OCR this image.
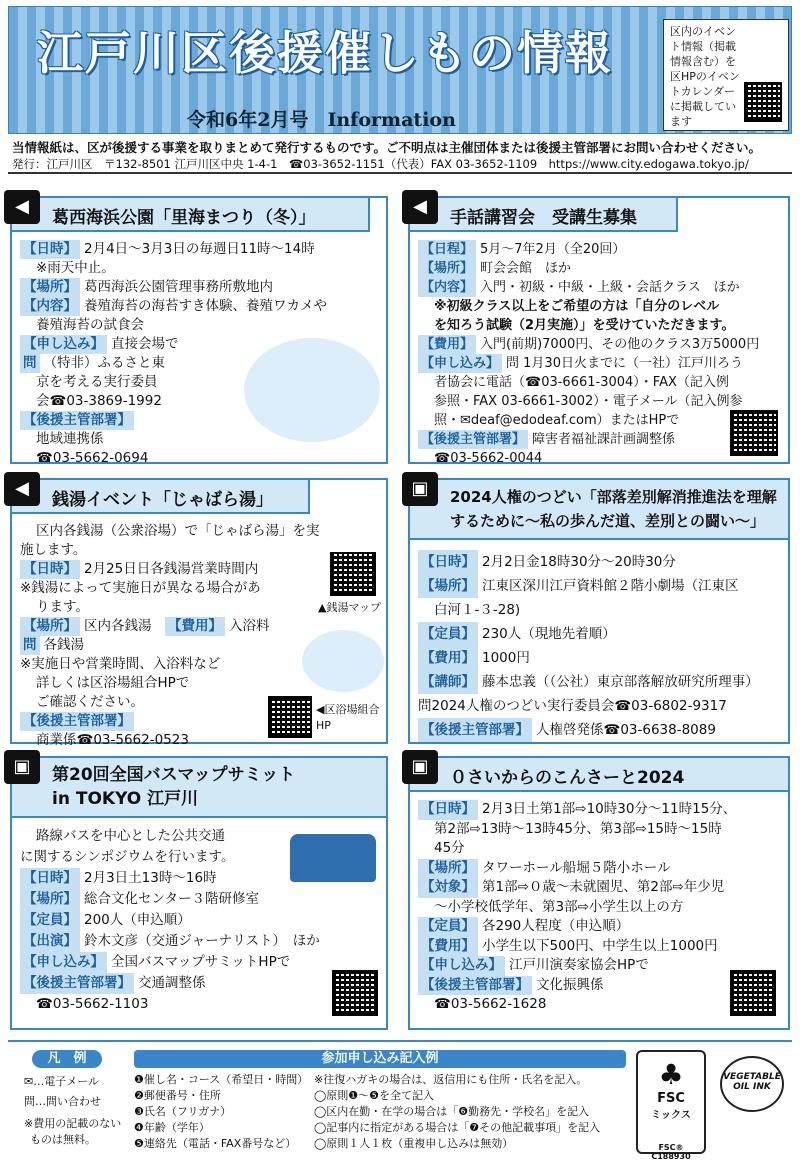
江戸川区後援催しもの情報
令和6年2月号　Information
区内のイベント情報（掲載情報含む）を区HPのイベントカレンダーに掲載しています
当情報紙は、区が後援する事業を取りまとめて発行するものです。ご不明点は主催団体または後援主管部署にお問い合わせください。
発行：江戸川区　〒132-8501 江戸川区中央 1-4-1　☎03-3652-1151（代表）FAX 03-3652-1109　https://www.city.edogawa.tokyo.jp/
◀
葛西海浜公園「里海まつり（冬）」
【日時】 2月4日～3月3日の毎週日11時～14時
※雨天中止。
【場所】 葛西海浜公園管理事務所敷地内
【内容】 養殖海苔の海苔すき体験、養殖ワカメや
養殖海苔の試食会
【申し込み】 直接会場で
問 （特非）ふるさと東
京を考える実行委員
会☎03-3869-1992
【後援主管部署】
地域連携係
☎03-5662-0694
◀
手話講習会　受講生募集
【日程】 5月～7年2月（全20回）
【場所】 町会会館　ほか
【内容】 入門・初級・中級・上級・会話クラス　ほか
※初級クラス以上をご希望の方は「自分のレベル
を知ろう試験（2月実施）」を受けていただきます。
【費用】 入門(前期)7000円、その他のクラス3万5000円
【申し込み】 問 1月30日火までに（一社）江戸川ろう
者協会に電話（☎03-6661-3004）・FAX（記入例
参照・FAX 03-6661-3002）・電子メール（記入例参
照・✉deaf@edodeaf.com）またはHPで
【後援主管部署】 障害者福祉課計画調整係
☎03-5662-0044
◀
銭湯イベント「じゃばら湯」
区内各銭湯（公衆浴場）で「じゃばら湯」を実
施します。
【日時】 2月25日日各銭湯営業時間内
※銭湯によって実施日が異なる場合があ
ります。
【場所】 区内各銭湯　 【費用】 入浴料
問 各銭湯
※実施日や営業時間、入浴料など
詳しくは区浴場組合HPで
ご確認ください。
【後援主管部署】
商業係☎03-5662-0523
▲銭湯マップ
◀区浴場組合HP
▣	2024人権のつどい「部落差別解消推進法を理解
するために～私の歩んだ道、差別との闘い～」
【日時】 2月2日金18時30分～20時30分
【場所】 江東区深川江戸資料館２階小劇場（江東区
白河１-３-28)
【定員】 230人（現地先着順）
【費用】 1000円
【講師】 藤本忠義（（公社）東京部落解放研究所理事）
問2024人権のつどい実行委員会☎03-6802-9317
【後援主管部署】 人権啓発係☎03-6638-8089
▣	第20回全国バスマップサミット
in TOKYO 江戸川
路線バスを中心とした公共交通
に関するシンポジウムを行います。
【日時】 2月3日土13時～16時
【場所】 総合文化センター３階研修室
【定員】 200人（申込順）
【出演】 鈴木文彦（交通ジャーナリスト）　ほか
【申し込み】 全国バスマップサミットHPで
【後援主管部署】 交通調整係
☎03-5662-1103
▣
０さいからのこんさーと2024
【日時】 2月3日土第1部⇨10時30分～11時15分、
第2部⇨13時～13時45分、第3部⇨15時～15時
45分
【場所】 タワーホール船堀５階小ホール
【対象】 第1部⇨０歳～未就園児、第2部⇨年少児
～小学校低学年、第3部⇨小学生以上の方
【定員】 各290人程度（申込順）
【費用】 小学生以下500円、中学生以上1000円
【申し込み】 江戸川演奏家協会HPで
【後援主管部署】 文化振興係
☎03-5662-1628
凡　例
✉…電子メール
問…問い合わせ
※費用の記載のない
ものは無料。
参加申し込み記入例
❶催し名・コース（希望日・時間）
❷郵便番号・住所
❸氏名（フリガナ）
❹年齢（学年）
❺連絡先（電話・FAX番号など）
※往復ハガキの場合は、返信用にも住所・氏名を記入。
◯原則❶～❺を全て記入
◯区内在勤・在学の場合は「❻勤務先・学校名」を記入
◯記事内に指定がある場合は「❼その他記載事項」を記入
◯原則１人１枚（重複申し込みは無効）
♣
FSC
ミックス
FSC® C188930
VEGETABLE OIL INK
